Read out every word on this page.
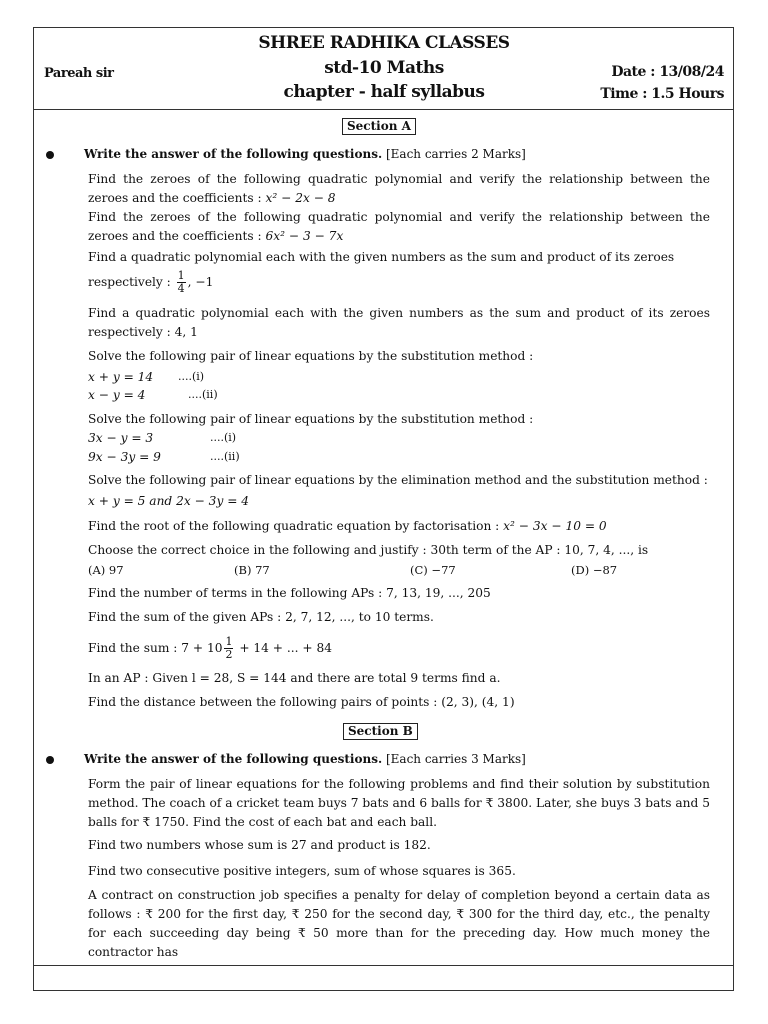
SHREE RADHIKA CLASSES
std-10 Maths
chapter - half syllabus
Pareah sir	Date : 13/08/24
Time : 1.5 Hours
Section A
Write the answer of the following questions. [Each carries 2 Marks]
Find the zeroes of the following quadratic polynomial and verify the relationship between the zeroes and the coefficients : x² − 2x − 8
Find the zeroes of the following quadratic polynomial and verify the relationship between the zeroes and the coefficients : 6x² − 3 − 7x
Find a quadratic polynomial each with the given numbers as the sum and product of its zeroes
respectively : $\frac{1}{4}$ , −1
Find a quadratic polynomial each with the given numbers as the sum and product of its zeroes respectively : 4, 1
Solve the following pair of linear equations by the substitution method :
x + y = 14 ....(i)
x − y = 4	....(ii)
Solve the following pair of linear equations by the substitution method :
3x − y = 3	....(i)
9x − 3y = 9	....(ii)
Solve the following pair of linear equations by the elimination method and the substitution method :
x + y = 5 and 2x − 3y = 4
Find the root of the following quadratic equation by factorisation : x² − 3x − 10 = 0
Choose the correct choice in the following and justify : 30th term of the AP : 10, 7, 4, ..., is
(A) 97	(B) 77	(C) −77	(D) −87
Find the number of terms in the following APs : 7, 13, 19, ..., 205
Find the sum of the given APs : 2, 7, 12, ..., to 10 terms.
Find the sum : $7 + 10 \frac{1}{2} + 14$ + ... + 84
In an AP : Given l = 28, S = 144 and there are total 9 terms find a.
Find the distance between the following pairs of points : (2, 3), (4, 1)
Section B
Write the answer of the following questions. [Each carries 3 Marks]
Form the pair of linear equations for the following problems and find their solution by substitution method. The coach of a cricket team buys 7 bats and 6 balls for ₹ 3800. Later, she buys 3 bats and 5 balls for ₹ 1750. Find the cost of each bat and each ball.
Find two numbers whose sum is 27 and product is 182.
Find two consecutive positive integers, sum of whose squares is 365.
A contract on construction job specifies a penalty for delay of completion beyond a certain data as follows : ₹ 200 for the first day, ₹ 250 for the second day, ₹ 300 for the third day, etc., the penalty for each succeeding day being ₹ 50 more than for the preceding day. How much money the contractor has
